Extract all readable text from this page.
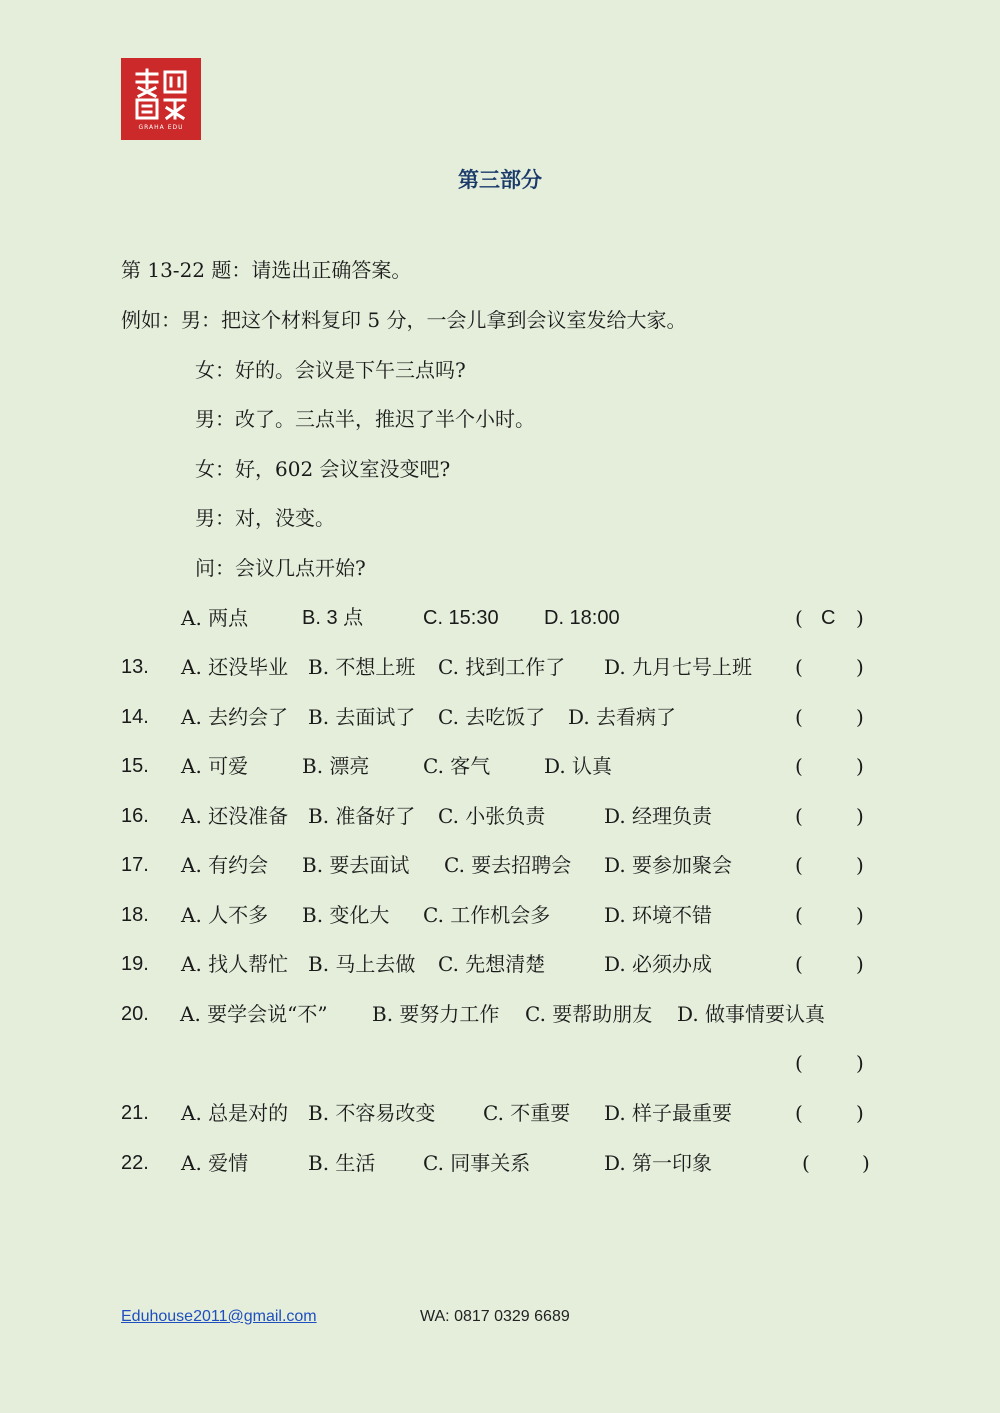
GRAHA EDU
第三部分
第 13-22 题：请选出正确答案。
例如：男：把这个材料复印 5 分，一会儿拿到会议室发给大家。
女：好的。会议是下午三点吗?
男：改了。三点半，推迟了半个小时。
女：好，602 会议室没变吧?
男：对，没变。
问：会议几点开始?
A. 两点	B. 3 点	C. 15:30 D. 18:00	( C )
13. A. 还没毕业 B. 不想上班 C. 找到工作了 D. 九月七号上班 (	)
14. A. 去约会了 B. 去面试了 C. 去吃饭了 D. 去看病了	(	)
15. A. 可爱	B. 漂亮	C. 客气	D. 认真	(	)
16. A. 还没准备 B. 准备好了 C. 小张负责	D. 经理负责	(	)
17. A. 有约会 B. 要去面试 C. 要去招聘会 D. 要参加聚会	(	)
18. A. 人不多 B. 变化大 C. 工作机会多	D. 环境不错	(	)
19. A. 找人帮忙 B. 马上去做 C. 先想清楚	D. 必须办成	(	)
20. A. 要学会说“不” B. 要努力工作 C. 要帮助朋友 D. 做事情要认真
(	)
21. A. 总是对的 B. 不容易改变 C. 不重要 D. 样子最重要	(	)
22. A. 爱情	B. 生活 C. 同事关系	D. 第一印象	(	)
Eduhouse2011@gmail.com	WA: 0817 0329 6689
